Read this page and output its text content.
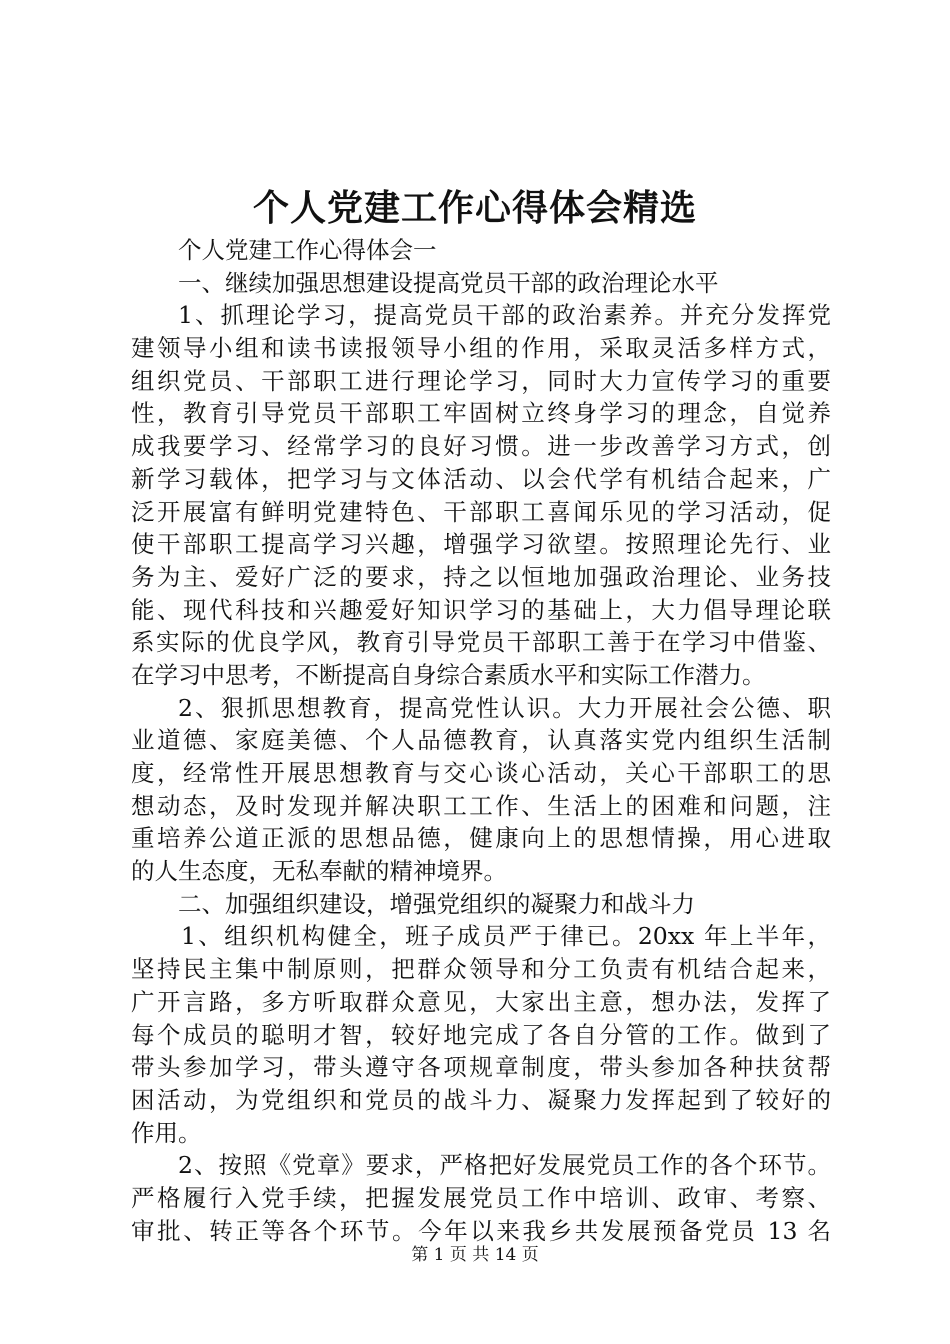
个人党建工作心得体会精选
个人党建工作心得体会一
一、继续加强思想建设提高党员干部的政治理论水平
1、抓理论学习，提高党员干部的政治素养。并充分发挥党
建领导小组和读书读报领导小组的作用，采取灵活多样方式，
组织党员、干部职工进行理论学习，同时大力宣传学习的重要
性，教育引导党员干部职工牢固树立终身学习的理念，自觉养
成我要学习、经常学习的良好习惯。进一步改善学习方式，创
新学习载体，把学习与文体活动、以会代学有机结合起来，广
泛开展富有鲜明党建特色、干部职工喜闻乐见的学习活动，促
使干部职工提高学习兴趣，增强学习欲望。按照理论先行、业
务为主、爱好广泛的要求，持之以恒地加强政治理论、业务技
能、现代科技和兴趣爱好知识学习的基础上，大力倡导理论联
系实际的优良学风，教育引导党员干部职工善于在学习中借鉴、
在学习中思考，不断提高自身综合素质水平和实际工作潜力。
2、狠抓思想教育，提高党性认识。大力开展社会公德、职
业道德、家庭美德、个人品德教育，认真落实党内组织生活制
度，经常性开展思想教育与交心谈心活动，关心干部职工的思
想动态，及时发现并解决职工工作、生活上的困难和问题，注
重培养公道正派的思想品德，健康向上的思想情操，用心进取
的人生态度，无私奉献的精神境界。
二、加强组织建设，增强党组织的凝聚力和战斗力
1、组织机构健全，班子成员严于律已。20xx 年上半年，
坚持民主集中制原则，把群众领导和分工负责有机结合起来，
广开言路，多方听取群众意见，大家出主意，想办法，发挥了
每个成员的聪明才智，较好地完成了各自分管的工作。做到了
带头参加学习，带头遵守各项规章制度，带头参加各种扶贫帮
困活动，为党组织和党员的战斗力、凝聚力发挥起到了较好的
作用。
2、按照《党章》要求，严格把好发展党员工作的各个环节。
严格履行入党手续，把握发展党员工作中培训、政审、考察、
审批、转正等各个环节。今年以来我乡共发展预备党员 13 名
第 1 页 共 14 页
